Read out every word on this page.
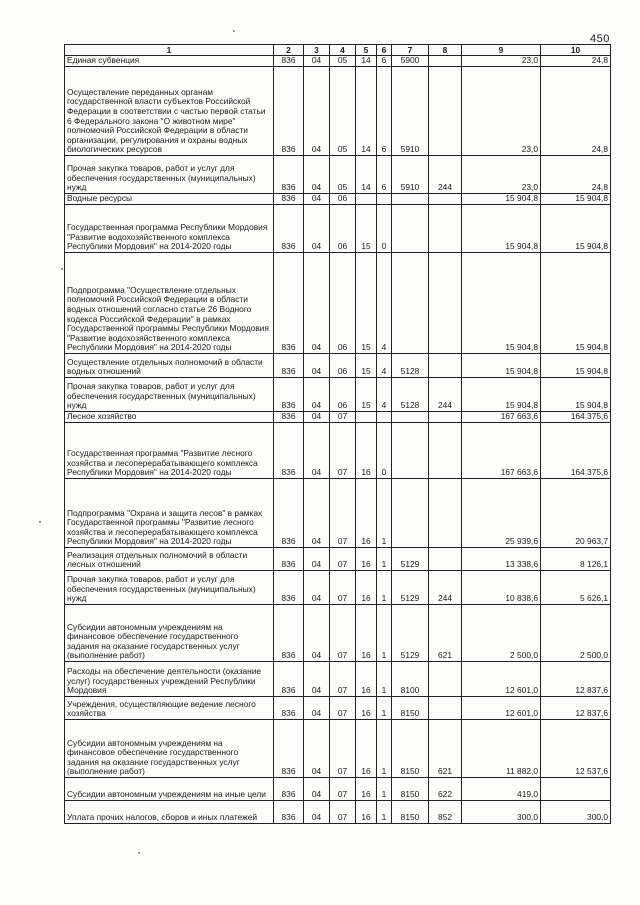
450
1	2	3	4	5	6	7	8	9	10
Единая субвенция	836	04	05	14	6	5900		23,0	24,8
Осуществление переданных органам государственной власти субъектов Российской Федерации в соответствии с частью первой статьи 6 Федерального закона "О животном мире" полномочий Российской Федерации в области организации, регулирования и охраны водных биологических ресурсов	836	04	05	14	6	5910		23,0	24,8
Прочая закупка товаров, работ и услуг для обеспечения государственных (муниципальных) нужд	836	04	05	14	6	5910	244	23,0	24,8
Водные ресурсы	836	04	06					15 904,8	15 904,8
Государственная программа Республики Мордовия "Развитие водохозяйственного комплекса Республики Мордовия" на 2014-2020 годы	836	04	06	15	0			15 904,8	15 904,8
Подпрограмма "Осуществление отдельных полномочий Российской Федерации в области водных отношений согласно статье 26 Водного кодекса Российской Федерации" в рамках Государственной программы Республики Мордовия "Развитие водохозяйственного комплекса Республики Мордовия" на 2014-2020 годы	836	04	06	15	4			15 904,8	15 904,8
Осуществление отдельных полномочий в области водных отношений	836	04	06	15	4	5128		15 904,8	15 904,8
Прочая закупка товаров, работ и услуг для обеспечения государственных (муниципальных) нужд	836	04	06	15	4	5128	244	15 904,8	15 904,8
Лесное хозяйство	836	04	07					167 663,6	164 375,6
Государственная программа "Развитие лесного хозяйства и лесоперерабатывающего комплекса Республики Мордовия" на 2014-2020 годы	836	04	07	16	0			167 663,6	164 375,6
Подпрограмма "Охрана и защита лесов" в рамках Государственной программы "Развитие лесного хозяйства и лесоперерабатывающего комплекса Республики Мордовия" на 2014-2020 годы	836	04	07	16	1			25 939,6	20 963,7
Реализация отдельных полномочий в области лесных отношений	836	04	07	16	1	5129		13 338,6	8 126,1
Прочая закупка товаров, работ и услуг для обеспечения государственных (муниципальных) нужд	836	04	07	16	1	5129	244	10 838,6	5 626,1
Субсидии автономным учреждениям на финансовое обеспечение государственного задания на оказание государственных услуг (выполнение работ)	836	04	07	16	1	5129	621	2 500,0	2 500,0
Расходы на обеспечение деятельности (оказание услуг) государственных учреждений Республики Мордовия	836	04	07	16	1	8100		12 601,0	12 837,6
Учреждения, осуществляющие ведение лесного хозяйства	836	04	07	16	1	8150		12 601,0	12 837,6
Субсидии автономным учреждениям на финансовое обеспечение государственного задания на оказание государственных услуг (выполнение работ)	836	04	07	16	1	8150	621	11 882,0	12 537,6
Субсидии автономным учреждениям на иные цели	836	04	07	16	1	8150	622	419,0	
Уплата прочих налогов, сборов и иных платежей	836	04	07	16	1	8150	852	300,0	300,0
